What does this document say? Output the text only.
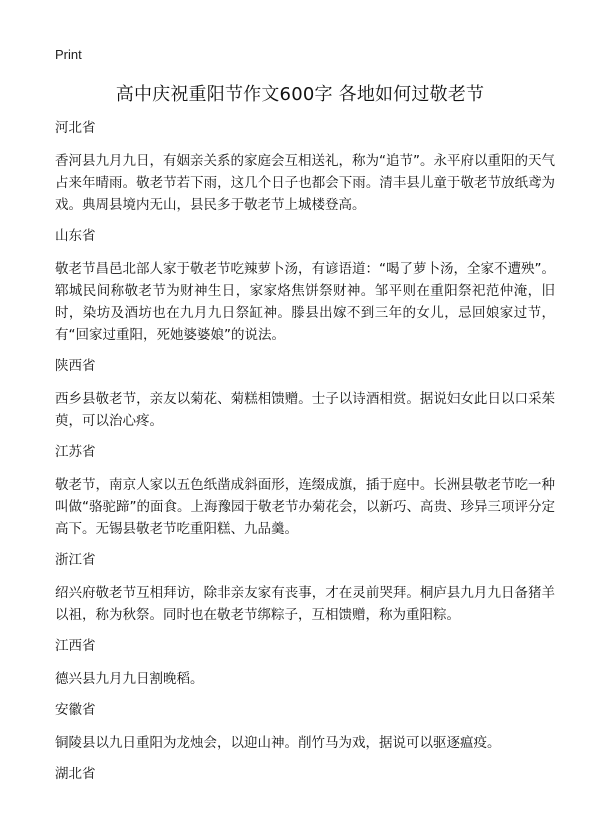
Print
高中庆祝重阳节作文600字 各地如何过敬老节

河北省

香河县九月九日，有姻亲关系的家庭会互相送礼，称为“追节”。永平府以重阳的天气占来年晴雨。敬老节若下雨，这几个日子也都会下雨。清丰县儿童于敬老节放纸鸢为戏。典周县境内无山，县民多于敬老节上城楼登高。

山东省

敬老节昌邑北部人家于敬老节吃辣萝卜汤，有谚语道：“喝了萝卜汤，全家不遭殃”。郓城民间称敬老节为财神生日，家家烙焦饼祭财神。邹平则在重阳祭祀范仲淹，旧时，染坊及酒坊也在九月九日祭缸神。滕县出嫁不到三年的女儿，忌回娘家过节，有“回家过重阳，死她婆婆娘”的说法。

陕西省

西乡县敬老节，亲友以菊花、菊糕相馈赠。士子以诗酒相赏。据说妇女此日以口采茱萸，可以治心疼。

江苏省

敬老节，南京人家以五色纸凿成斜面形，连缀成旗，插于庭中。长洲县敬老节吃一种叫做“骆驼蹄”的面食。上海豫园于敬老节办菊花会，以新巧、高贵、珍异三项评分定高下。无锡县敬老节吃重阳糕、九品羹。

浙江省

绍兴府敬老节互相拜访，除非亲友家有丧事，才在灵前哭拜。桐庐县九月九日备猪羊以祖，称为秋祭。同时也在敬老节绑粽子，互相馈赠，称为重阳粽。

江西省

德兴县九月九日割晚稻。

安徽省

铜陵县以九日重阳为龙烛会，以迎山神。削竹马为戏，据说可以驱逐瘟疫。

湖北省
